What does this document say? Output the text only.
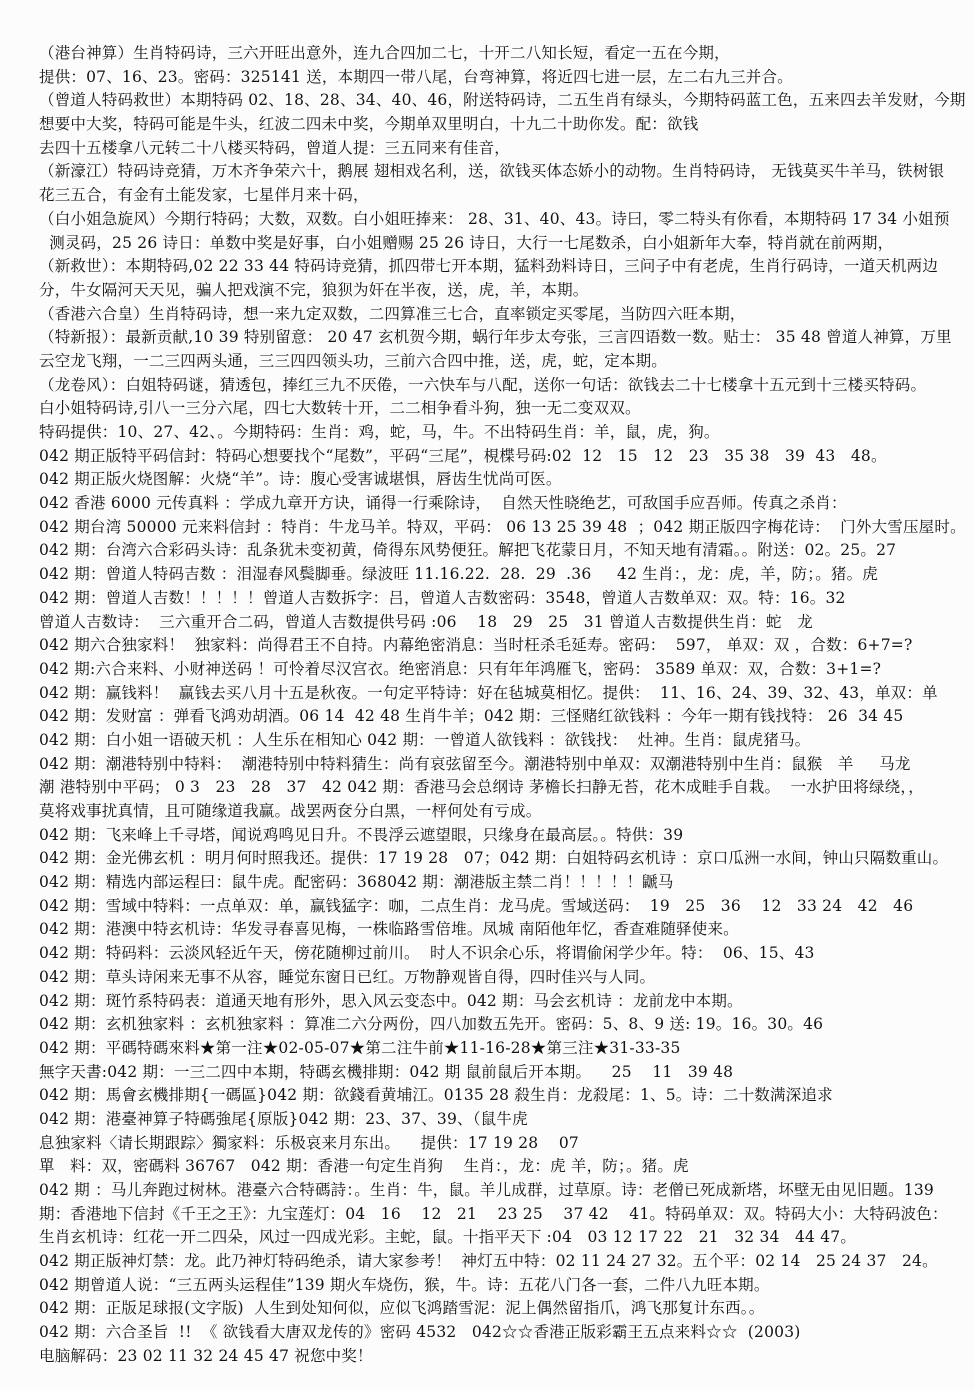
（港台神算）生肖特码诗，三六开旺出意外，连九合四加二七，十开二八知长短，看定一五在今期，
提供：07、16、23。密码：325141 送，本期四一带八尾，台弯神算，将近四七进一层，左二右九三并合。
（曾道人特码救世）本期特码 02、18、28、34、40、46，附送特码诗，二五生肖有绿头，今期特码蓝工色，五来四去羊发财，今期
想要中大奖，特码可能是牛头，红波二四未中奖，今期单双里明白，十九二十助你发。配：欲钱
去四十五楼拿八元转二十八楼买特码，曾道人提：三五同来有佳音，
（新濠江）特码诗竞猜，万木齐争荣六十，鹅展 翅相戏名利，送，欲钱买体态娇小的动物。生肖特码诗， 无钱莫买牛羊马，铁树银
花三五合，有金有土能发家，七星伴月来十码，
（白小姐急旋风）今期行特码；大数，双数。白小姐旺捧来： 28、31、40、43。诗曰，零二特头有你看，本期特码 17 34 小姐预
测灵码，25 26 诗日：单数中奖是好事，白小姐赠赐 25 26 诗日，大行一七尾数杀，白小姐新年大奉，特肖就在前两期，
（新救世）：本期特码,02 22 33 44 特码诗竞猜，抓四带七开本期，猛料劲料诗日，三问子中有老虎，生肖行码诗，一道天机两边
分，牛女隔河天天见，骗人把戏演不完，狼狈为奸在半夜，送，虎，羊，本期。
（香港六合皇）生肖特码诗，想一来九定双数，二四算准三七合，直率锁定买零尾，当防四六旺本期，
（特新报）：最新贡献,10 39 特别留意： 20 47 玄机贺今期，蜗行年步太夸张，三言四语数一数。贴士： 35 48 曾道人神算，万里
云空龙飞翔，一二三四两头通，三三四四领头功，三前六合四中推，送，虎，蛇，定本期。
（龙卷风）：白姐特码谜，猜透包，捧红三九不厌倦，一六快车与八配，送你一句话：欲钱去二十七楼拿十五元到十三楼买特码。
白小姐特码诗,引八一三分六尾，四七大数转十开，二二相争看斗狗，独一无二变双双。
特码提供：10、27、42、。今期特码：生肖：鸡，蛇，马，牛。不出特码生肖：羊，鼠，虎，狗。
042 期正版特平码信封：特码心想要找个“尾数”，平码“三尾”，梘楪号码:02  12   15   12   23   35 38   39  43   48。
042 期正版火烧图解：火烧“羊”。诗：腹心受害诚堪惧，唇齿生忧尚可医。
042 香港 6000 元传真料 ：学成九章开方诀，诵得一行乘除诗，  自然天性晓绝艺，可敌国手应吾师。传真之杀肖：
042 期台湾 50000 元来料信封 ：特肖：牛龙马羊。特双，平码： 06 13 25 39 48  ；042 期正版四字梅花诗：  门外大雪压屋时。
042 期：台湾六合彩码头诗：乱条犹未变初黄，倚得东风势便狂。解把飞花蒙日月，不知天地有清霜。。附送：02。25。27
042 期：曾道人特码吉数 ：泪湿春风鬓脚垂。绿波旺 11.16.22.  28.  29  .36     42 生肖：，龙：虎，羊，防；。猪。虎
042 期：曾道人吉数！！！！！曾道人吉数拆字：吕，曾道人吉数密码：3548，曾道人吉数单双：双。特：16。32
曾道人吉数诗：  三六重开合二码，曾道人吉数提供号码 :06    18   29   25   31 曾道人吉数提供生肖：蛇   龙
042 期六合独家料！  独家料：尚得君王不自持。内幕绝密消息：当时枉杀毛延寿。密码：  597， 单双：双 ，合数：6+7=?
042 期:六合来料、小财神送码 ！可怜着尽汉宫衣。绝密消息：只有年年鸿雁飞，密码： 3589 单双：双，合数：3+1=?
042 期：赢钱料！  赢钱去买八月十五是秋夜。一句定平特诗：好在毡城莫相忆。提供：  11、16、24、39、32、43，单双：单
042 期：发财富 ：弹看飞鸿劝胡酒。06 14  42 48 生肖牛羊；042 期：三怪赌红欲钱料 ：今年一期有钱找特： 26  34 45
042 期：白小姐一语破天机 ：人生乐在相知心 042 期：一曾道人欲钱料 ：欲钱找：  灶神。生肖：鼠虎猪马。
042 期：潮港特别中特料：  潮港特别中特料猜生：尚有哀弦留至今。潮港特别中单双：双潮港特别中生肖：鼠猴   羊     马龙
潮 港特别中平码； 0 3   23   28   37   42 042 期：香港马会总纲诗 茅檐长扫静无苔，花木成畦手自栽。  一水护田将绿绕，，
莫将戏事扰真情，且可随缘道我赢。战罢两奁分白黑，一枰何处有亏成。
042 期：飞来峰上千寻塔，闻说鸡鸣见日升。不畏浮云遮望眼，只缘身在最高层。。特供：39
042 期：金光佛玄机 ：明月何时照我还。提供：17 19 28   07；042 期：白姐特码玄机诗 ：京口瓜洲一水间，钟山只隔数重山。
042 期：精选内部运程曰：鼠牛虎。配密码：368042 期：潮港版主禁二肖！！！！！鼶马
042 期：雪域中特料：一点单双：单，赢钱猛字：咖，二点生肖：龙马虎。雪域送码：  19   25   36    12   33 24   42   46
042 期：港澳中特玄机诗：华发寻春喜见梅，一株临路雪倍堆。凤城 南陌他年忆，香查难随驿使来。
042 期：特码料：云淡风轻近午天，傍花随柳过前川。  时人不识余心乐，将谓偷闲学少年。特：  06、15、43
042 期：草头诗闲来无事不从容，睡觉东窗日已红。万物静观皆自得，四时佳兴与人同。
042 期：斑竹系特码表：道通天地有形外，思入风云变态中。042 期：马会玄机诗 ：龙前龙中本期。
042 期：玄机独家料 ：玄机独家料 ：算准二六分两份，四八加数五先开。密码：5、8、9 送: 19。16。30。46
042 期：平碼特碼來料★第一注★02-05-07★第二注牛前★11-16-28★第三注★31-33-35
無字天書:042 期：一三二四中本期，特碼玄機排期：042 期 鼠前鼠后开本期。    25    11   39 48
042 期：馬會玄機排期{一碼區}042 期：欲錢看黄埔江。0135 28 殺生肖：龙殺尾：1、5。诗：二十数满深追求
042 期：港臺神算子特碼強尾{原版}042 期：23、37、39、（鼠牛虎
息独家料〈请长期跟踪〉獨家料：乐极哀来月东出。    提供：17 19 28    07
單   料：双，密碼料 36767   042 期：香港一句定生肖狗    生肖：，龙：虎 羊，防；。猪。虎
042 期 ：马儿奔跑过树林。港臺六合特碼詩：。生肖：牛，鼠。羊儿成群，过草原。诗：老僧已死成新塔，坏壁无由见旧题。139
期：香港地下信封《千王之王》：九宝莲灯：04   16    12   21    23 25    37 42    41。特码单双：双。特码大小：大特码波色：
生肖玄机诗：红花一开二四朵，风过一四成光彩。主蛇，鼠。十指平天下 :04   03 12 17 22   21   32 34   44 47。
042 期正版神灯禁：龙。此乃神灯特码绝杀，请大家参考！  神灯五中特：02 11 24 27 32。五个平：02 14   25 24 37   24。
042 期曾道人说：“三五两头运程佳”139 期火车烧伤，猴，牛。诗：五花八门各一套，二件八九旺本期。
042 期：正版足球报(文字版)  人生到处知何似，应似飞鸿踏雪泥：泥上偶然留指爪，鸿飞那复计东西。。
042 期：六合圣旨  !!  《 欲钱看大唐双龙传的》密码 4532   042☆☆香港正版彩霸王五点来料☆☆  (2003)
电脑解码：23 02 11 32 24 45 47 祝您中奖！
